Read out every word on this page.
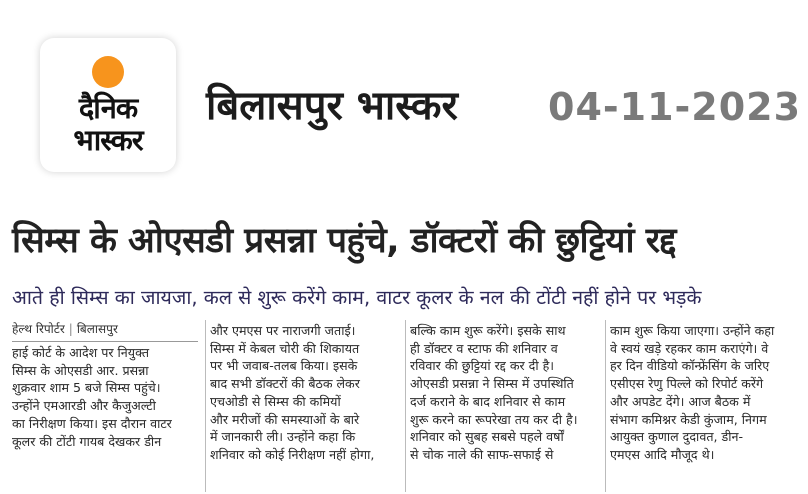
दैनिक
भास्कर
बिलासपुर भास्कर 04-11-2023
सिम्स के ओएसडी प्रसन्ना पहुंचे, डॉक्टरों की छुट्टियां रद्द
आते ही सिम्स का जायजा, कल से शुरू करेंगे काम, वाटर कूलर के नल की टोंटी नहीं होने पर भड़के
हेल्थ रिपोर्टर | बिलासपुर
हाई कोर्ट के आदेश पर नियुक्त
सिम्स के ओएसडी आर. प्रसन्ना
शुक्रवार शाम 5 बजे सिम्स पहुंचे।
उन्होंने एमआरडी और कैजुअल्टी
का निरीक्षण किया। इस दौरान वाटर
कूलर की टोंटी गायब देखकर डीन
और एमएस पर नाराजगी जताई।
सिम्स में केबल चोरी की शिकायत
पर भी जवाब-तलब किया। इसके
बाद सभी डॉक्टरों की बैठक लेकर
एचओडी से सिम्स की कमियों
और मरीजों की समस्याओं के बारे
में जानकारी ली। उन्होंने कहा कि
शनिवार को कोई निरीक्षण नहीं होगा,
बल्कि काम शुरू करेंगे। इसके साथ
ही डॉक्टर व स्टाफ की शनिवार व
रविवार की छुट्टियां रद्द कर दी है।
ओएसडी प्रसन्ना ने सिम्स में उपस्थिति
दर्ज कराने के बाद शनिवार से काम
शुरू करने का रूपरेखा तय कर दी है।
शनिवार को सुबह सबसे पहले वर्षों
से चोक नाले की साफ-सफाई से
काम शुरू किया जाएगा। उन्होंने कहा
वे स्वयं खड़े रहकर काम कराएंगे। वे
हर दिन वीडियो कॉन्फ्रेंसिंग के जरिए
एसीएस रेणु पिल्ले को रिपोर्ट करेंगे
और अपडेट देंगे। आज बैठक में
संभाग कमिश्नर केडी कुंजाम, निगम
आयुक्त कुणाल दुदावत, डीन-
एमएस आदि मौजूद थे।
